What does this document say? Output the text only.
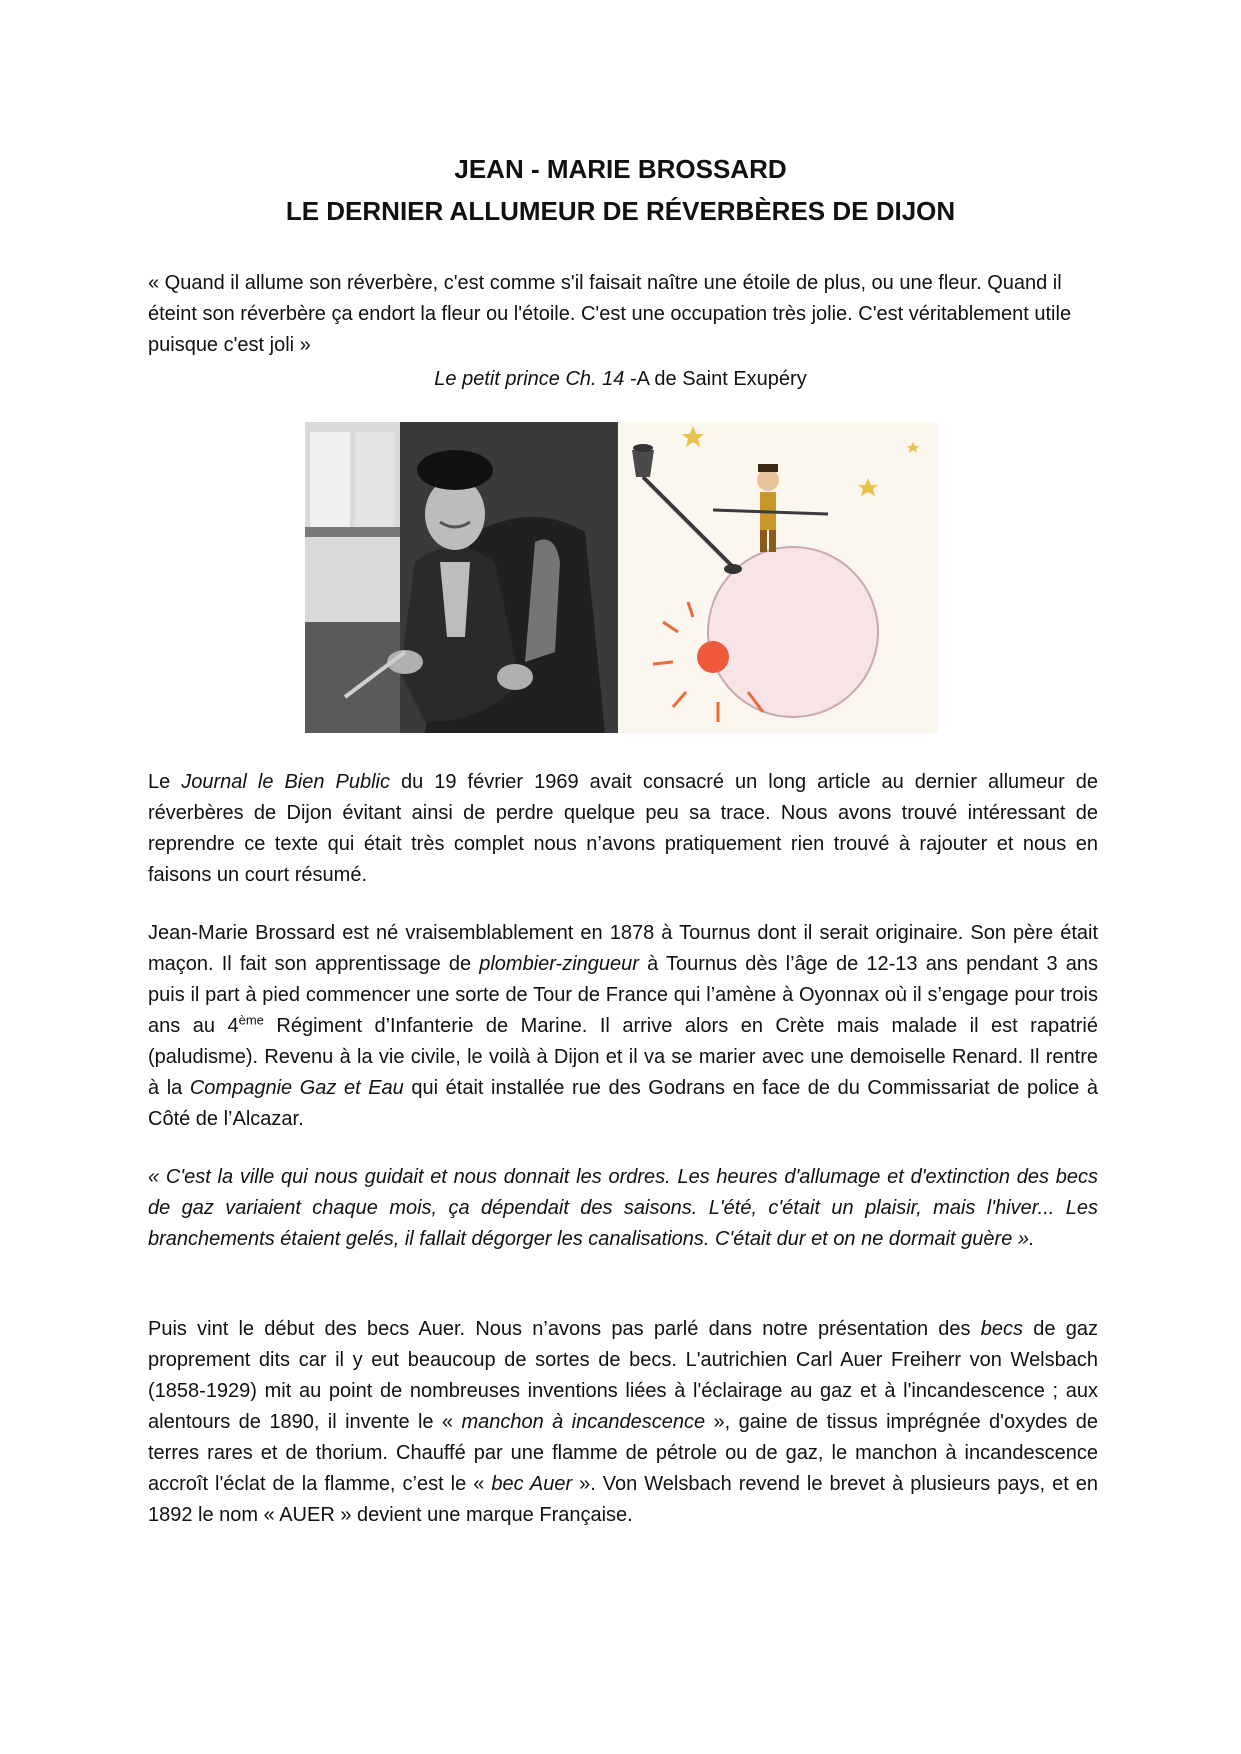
JEAN - MARIE BROSSARD
LE DERNIER ALLUMEUR DE RÉVERBÈRES DE DIJON

« Quand il allume son réverbère, c'est comme s'il faisait naître une étoile de plus, ou une fleur. Quand il éteint son réverbère ça endort la fleur ou l'étoile. C'est une occupation très jolie. C'est véritablement utile puisque c'est joli »

Le petit prince Ch. 14 -A de Saint Exupéry

Le Journal le Bien Public du 19 février 1969 avait consacré un long article au dernier allumeur de réverbères de Dijon évitant ainsi de perdre quelque peu sa trace. Nous avons trouvé intéressant de reprendre ce texte qui était très complet nous n’avons pratiquement rien trouvé à rajouter et nous en faisons un court résumé.

Jean-Marie Brossard est né vraisemblablement en 1878 à Tournus dont il serait originaire. Son père était maçon. Il fait son apprentissage de plombier-zingueur à Tournus dès l’âge de 12-13 ans pendant 3 ans puis il part à pied commencer une sorte de Tour de France qui l’amène à Oyonnax où il s’engage pour trois ans au 4ème Régiment d’Infanterie de Marine. Il arrive alors en Crète mais malade il est rapatrié (paludisme). Revenu à la vie civile, le voilà à Dijon et il va se marier avec une demoiselle Renard. Il rentre à la Compagnie Gaz et Eau qui était installée rue des Godrans en face de du Commissariat de police à Côté de l’Alcazar.

« C'est la ville qui nous guidait et nous donnait les ordres. Les heures d'allumage et d'extinction des becs de gaz variaient chaque mois, ça dépendait des saisons. L'été, c'était un plaisir, mais l'hiver... Les branchements étaient gelés, il fallait dégorger les canalisations. C'était dur et on ne dormait guère ».

Puis vint le début des becs Auer. Nous n’avons pas parlé dans notre présentation des becs de gaz proprement dits car il y eut beaucoup de sortes de becs. L'autrichien Carl Auer Freiherr von Welsbach (1858-1929) mit au point de nombreuses inventions liées à l'éclairage au gaz et à l'incandescence ; aux alentours de 1890, il invente le « manchon à incandescence », gaine de tissus imprégnée d'oxydes de terres rares et de thorium. Chauffé par une flamme de pétrole ou de gaz, le manchon à incandescence accroît l'éclat de la flamme, c’est le « bec Auer ». Von Welsbach revend le brevet à plusieurs pays, et en 1892 le nom « AUER » devient une marque Française.
